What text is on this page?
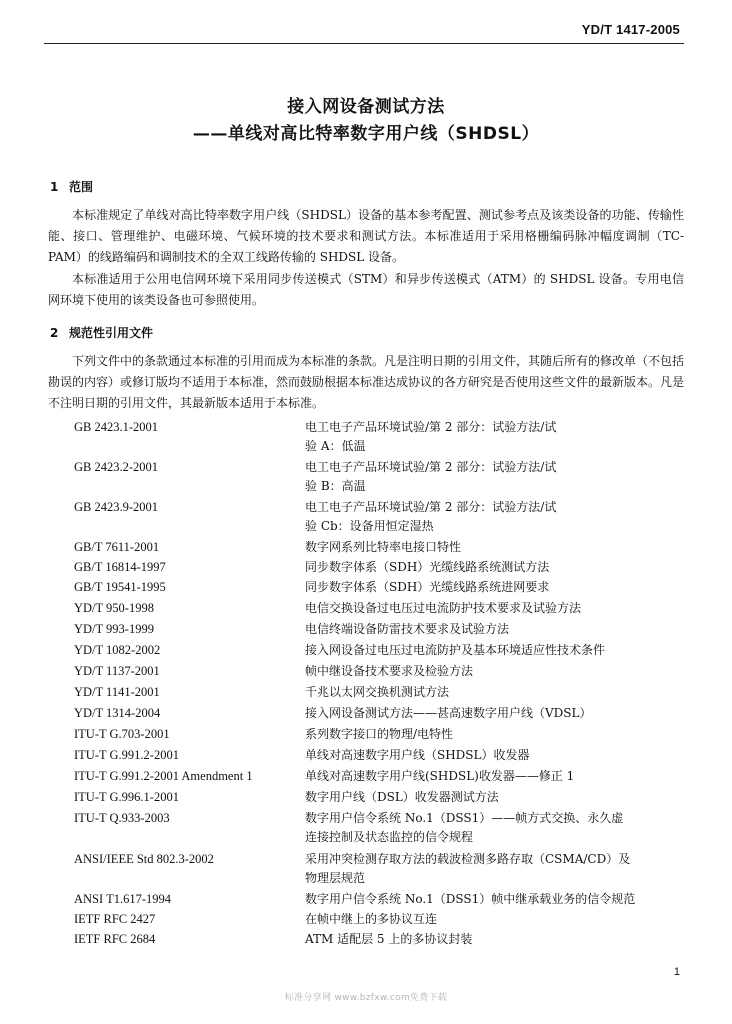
YD/T 1417-2005
接入网设备测试方法
——单线对高比特率数字用户线（SHDSL）
1 范围

本标准规定了单线对高比特率数字用户线（SHDSL）设备的基本参考配置、测试参考点及该类设备的功能、传输性能、接口、管理维护、电磁环境、气候环境的技术要求和测试方法。本标准适用于采用格栅编码脉冲幅度调制（TC-PAM）的线路编码和调制技术的全双工线路传输的 SHDSL 设备。

本标准适用于公用电信网环境下采用同步传送模式（STM）和异步传送模式（ATM）的 SHDSL 设备。专用电信网环境下使用的该类设备也可参照使用。

2 规范性引用文件

下列文件中的条款通过本标准的引用而成为本标准的条款。凡是注明日期的引用文件，其随后所有的修改单（不包括勘误的内容）或修订版均不适用于本标准，然而鼓励根据本标准达成协议的各方研究是否使用这些文件的最新版本。凡是不注明日期的引用文件，其最新版本适用于本标准。

GB 2423.1-2001	电工电子产品环境试验/第 2 部分：试验方法/试
验 A：低温
GB 2423.2-2001	电工电子产品环境试验/第 2 部分：试验方法/试
验 B：高温
GB 2423.9-2001	电工电子产品环境试验/第 2 部分：试验方法/试
验 Cb：设备用恒定湿热
GB/T 7611-2001	数字网系列比特率电接口特性
GB/T 16814-1997	同步数字体系（SDH）光缆线路系统测试方法
GB/T 19541-1995	同步数字体系（SDH）光缆线路系统进网要求
YD/T 950-1998	电信交换设备过电压过电流防护技术要求及试验方法
YD/T 993-1999	电信终端设备防雷技术要求及试验方法
YD/T 1082-2002	接入网设备过电压过电流防护及基本环境适应性技术条件
YD/T 1137-2001	帧中继设备技术要求及检验方法
YD/T 1141-2001	千兆以太网交换机测试方法
YD/T 1314-2004	接入网设备测试方法——甚高速数字用户线（VDSL）
ITU-T G.703-2001	系列数字接口的物理/电特性
ITU-T G.991.2-2001	单线对高速数字用户线（SHDSL）收发器
ITU-T G.991.2-2001 Amendment 1	单线对高速数字用户线(SHDSL)收发器——修正 1
ITU-T G.996.1-2001	数字用户线（DSL）收发器测试方法
ITU-T Q.933-2003	数字用户信令系统 No.1（DSS1）——帧方式交换、永久虚
连接控制及状态监控的信令规程
ANSI/IEEE Std 802.3-2002	采用冲突检测存取方法的载波检测多路存取（CSMA/CD）及
物理层规范
ANSI T1.617-1994	数字用户信令系统 No.1（DSS1）帧中继承载业务的信令规范
IETF RFC 2427	在帧中继上的多协议互连
IETF RFC 2684	ATM 适配层 5 上的多协议封装
1
标准分享网 www.bzfxw.com免费下载
